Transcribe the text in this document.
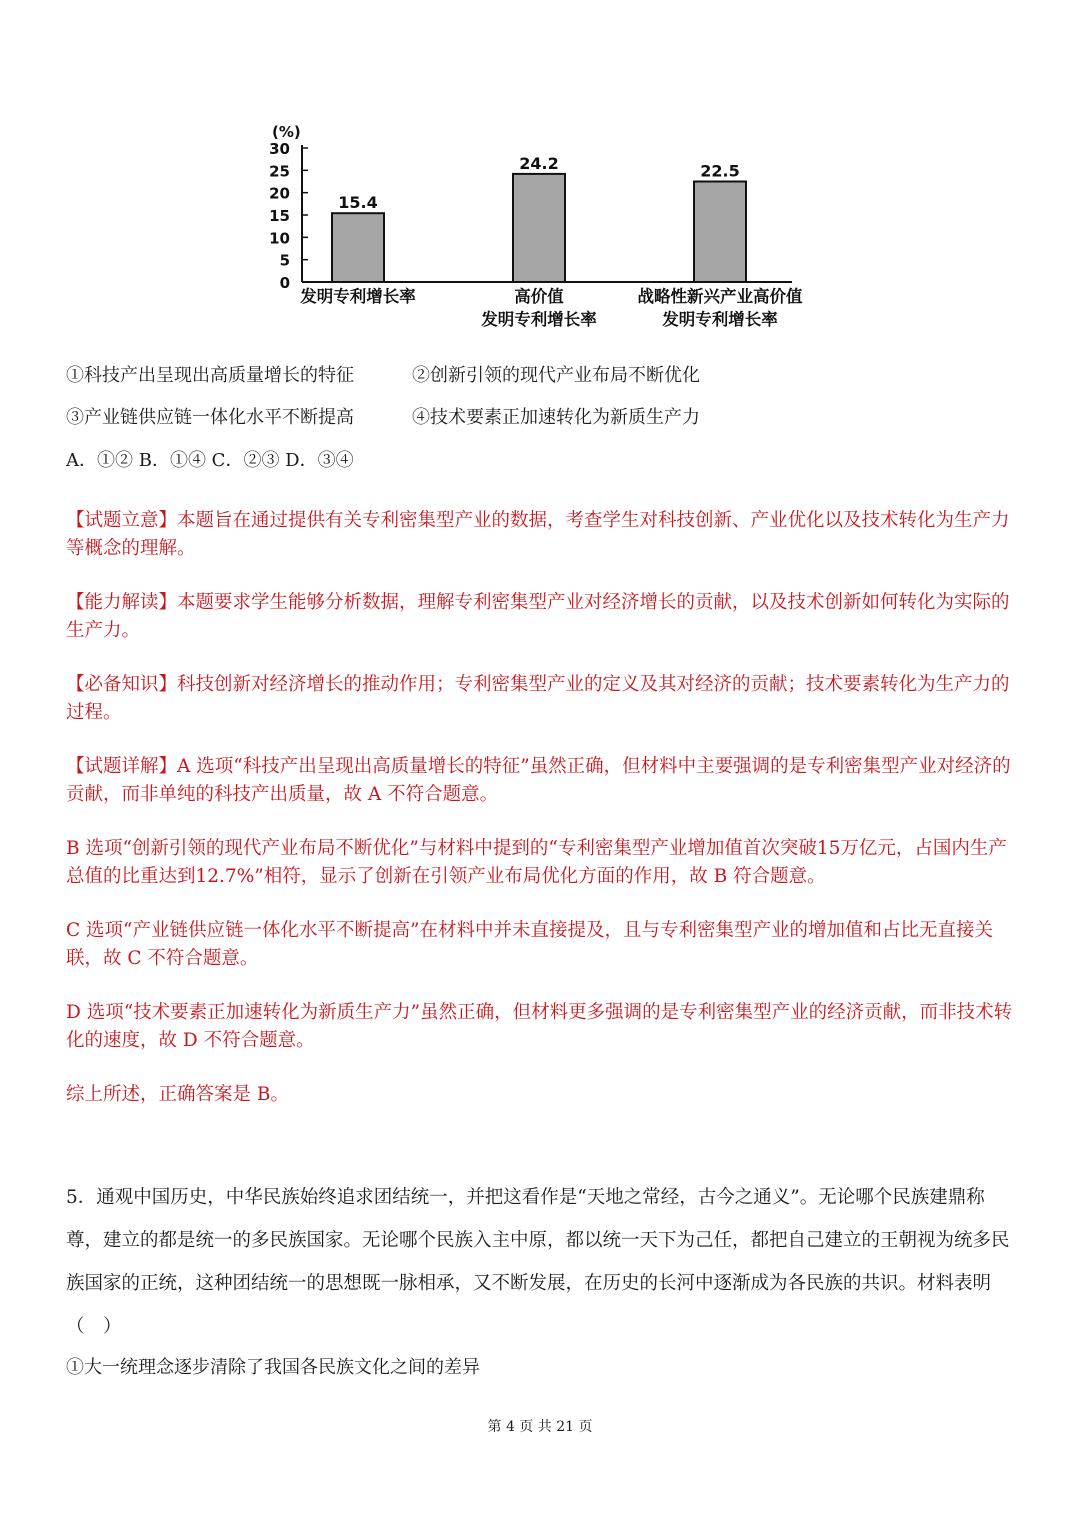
(%)
0
5
10
15
20
25
30
15.4
发明专利增长率
24.2
高价值
发明专利增长率
22.5
战略性新兴产业高价值
发明专利增长率
①科技产出呈现出高质量增长的特征	②创新引领的现代产业布局不断优化
③产业链供应链一体化水平不断提高	④技术要素正加速转化为新质生产力
A．①② B．①④ C．②③ D．③④
【试题立意】本题旨在通过提供有关专利密集型产业的数据，考查学生对科技创新、产业优化以及技术转化为生产力等概念的理解。
【能力解读】本题要求学生能够分析数据，理解专利密集型产业对经济增长的贡献，以及技术创新如何转化为实际的生产力。
【必备知识】科技创新对经济增长的推动作用；专利密集型产业的定义及其对经济的贡献；技术要素转化为生产力的过程。
【试题详解】A 选项“科技产出呈现出高质量增长的特征”虽然正确，但材料中主要强调的是专利密集型产业对经济的贡献，而非单纯的科技产出质量，故 A 不符合题意。
B 选项“创新引领的现代产业布局不断优化”与材料中提到的“专利密集型产业增加值首次突破15万亿元，占国内生产总值的比重达到12.7%”相符，显示了创新在引领产业布局优化方面的作用，故 B 符合题意。
C 选项“产业链供应链一体化水平不断提高”在材料中并未直接提及，且与专利密集型产业的增加值和占比无直接关联，故 C 不符合题意。
D 选项“技术要素正加速转化为新质生产力”虽然正确，但材料更多强调的是专利密集型产业的经济贡献，而非技术转化的速度，故 D 不符合题意。
综上所述，正确答案是 B。
5．通观中国历史，中华民族始终追求团结统一，并把这看作是“天地之常经，古今之通义”。无论哪个民族建鼎称尊，建立的都是统一的多民族国家。无论哪个民族入主中原，都以统一天下为己任，都把自己建立的王朝视为统多民族国家的正统，这种团结统一的思想既一脉相承，又不断发展，在历史的长河中逐渐成为各民族的共识。材料表明（　）
①大一统理念逐步清除了我国各民族文化之间的差异
第 4 页 共 21 页
